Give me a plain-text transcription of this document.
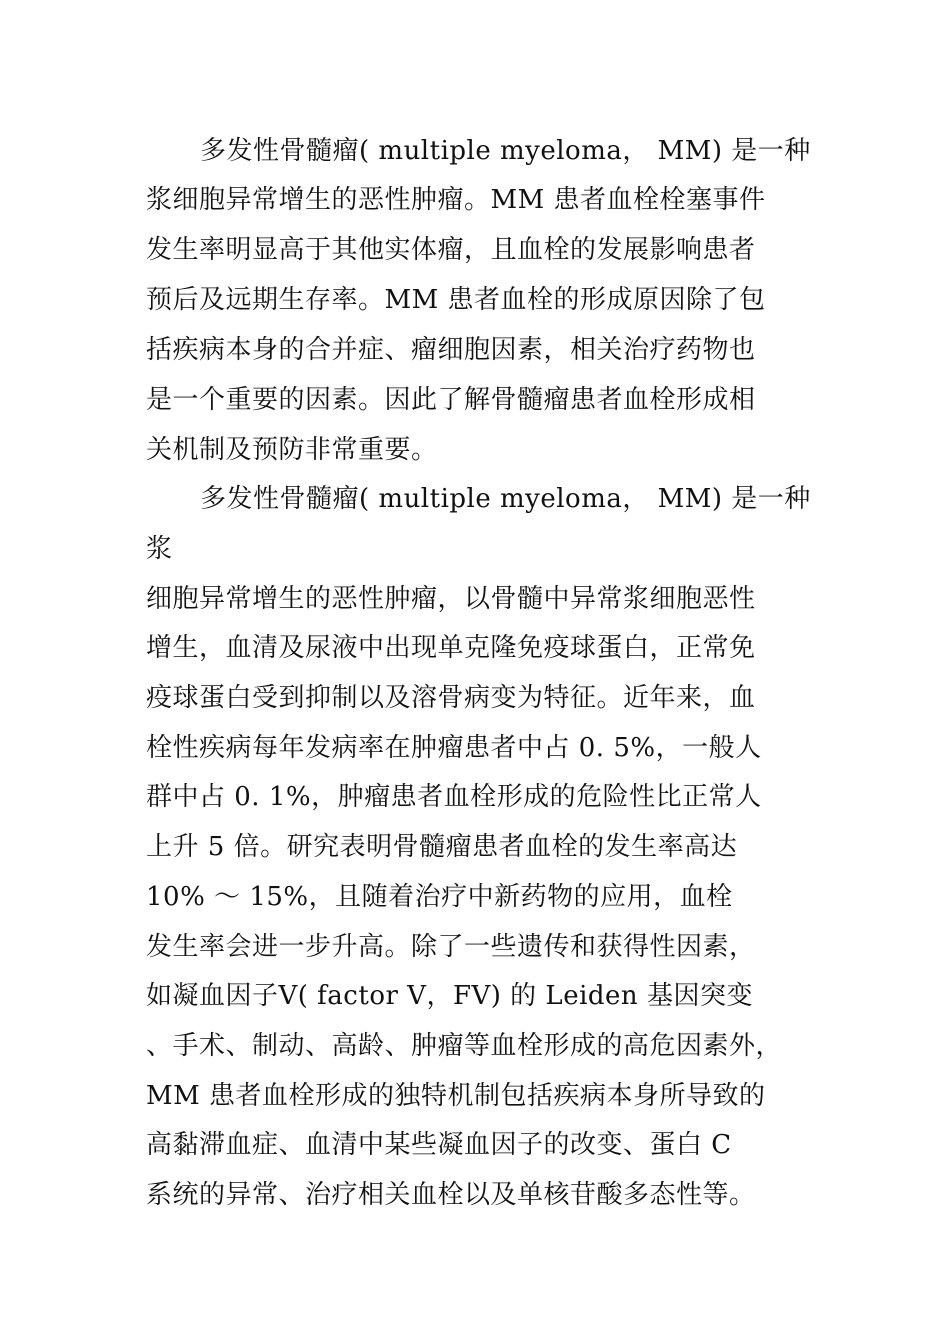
多发性骨髓瘤( multiple myeloma， MM) 是一种
浆细胞异常增生的恶性肿瘤。MM 患者血栓栓塞事件
发生率明显高于其他实体瘤，且血栓的发展影响患者
预后及远期生存率。MM 患者血栓的形成原因除了包
括疾病本身的合并症、瘤细胞因素，相关治疗药物也
是一个重要的因素。因此了解骨髓瘤患者血栓形成相
关机制及预防非常重要。
多发性骨髓瘤( multiple myeloma， MM) 是一种
浆
细胞异常增生的恶性肿瘤，以骨髓中异常浆细胞恶性
增生，血清及尿液中出现单克隆免疫球蛋白，正常免
疫球蛋白受到抑制以及溶骨病变为特征。近年来，血
栓性疾病每年发病率在肿瘤患者中占 0. 5%，一般人
群中占 0. 1%，肿瘤患者血栓形成的危险性比正常人
上升 5 倍。研究表明骨髓瘤患者血栓的发生率高达
10% ～ 15%，且随着治疗中新药物的应用，血栓
发生率会进一步升高。除了一些遗传和获得性因素，
如凝血因子Ⅴ( factor Ⅴ，FV) 的 Leiden 基因突变
、手术、制动、高龄、肿瘤等血栓形成的高危因素外，
MM 患者血栓形成的独特机制包括疾病本身所导致的
高黏滞血症、血清中某些凝血因子的改变、蛋白 C
系统的异常、治疗相关血栓以及单核苷酸多态性等。
